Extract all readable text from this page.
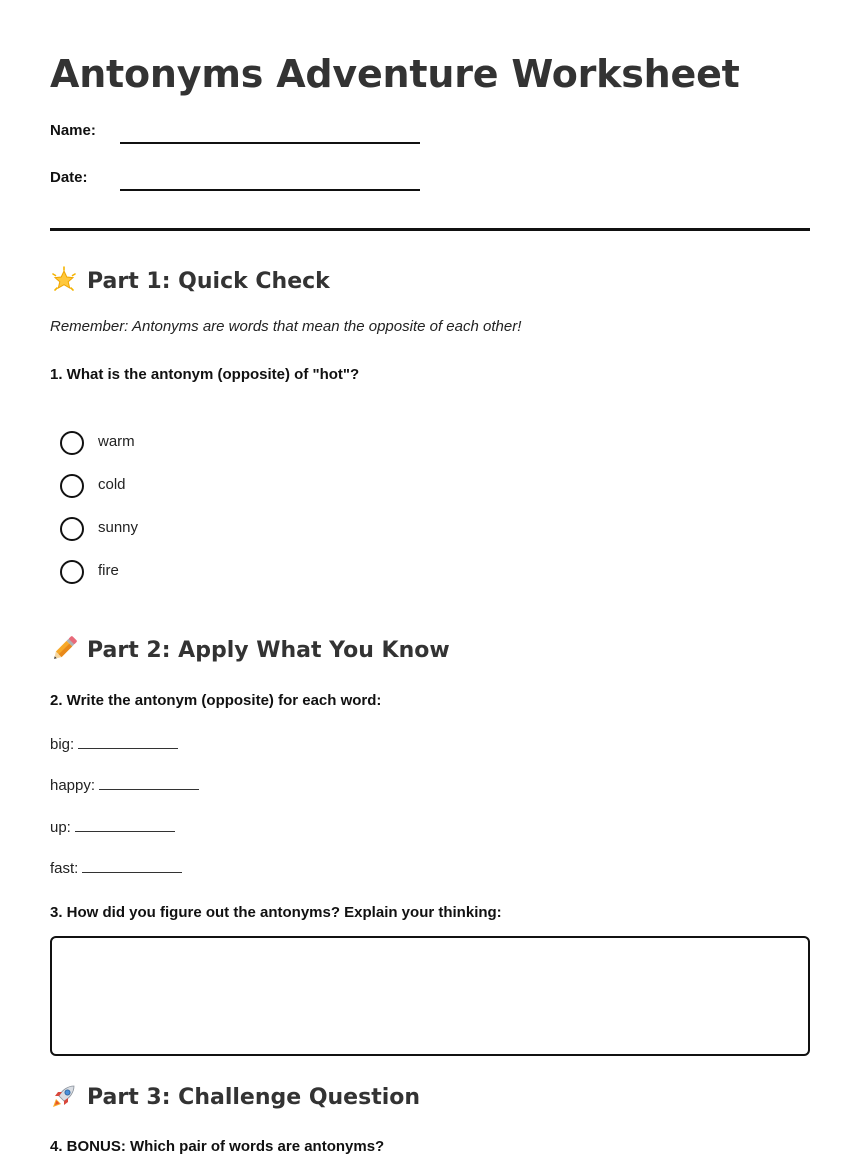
Antonyms Adventure Worksheet
Name:
Date:
Part 1: Quick Check
Remember: Antonyms are words that mean the opposite of each other!
1. What is the antonym (opposite) of "hot"?
warm
cold
sunny
fire
Part 2: Apply What You Know
2. Write the antonym (opposite) for each word:
big:
happy:
up:
fast:
3. How did you figure out the antonyms? Explain your thinking:
Part 3: Challenge Question
4. BONUS: Which pair of words are antonyms?
